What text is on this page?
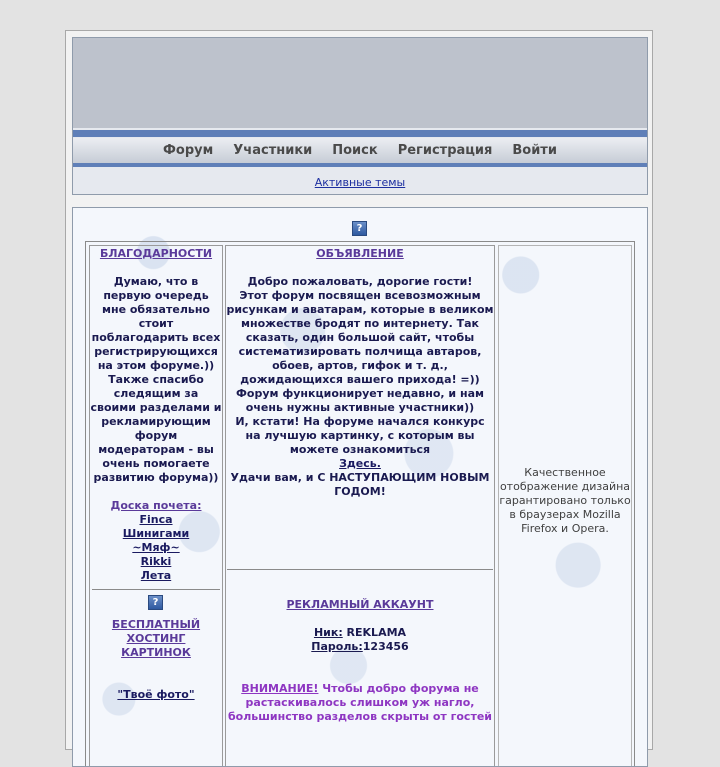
Форум Участники Поиск Регистрация Войти
Активные темы
?
БЛАГОДАРНОСТИ
Думаю, что в
первую очередь
мне обязательно
стоит
поблагодарить всех
регистрирующихся
на этом форуме.))
Также спасибо
следящим за
своими разделами и
рекламирующим
форум
модераторам - вы
очень помогаете
развитию форума))
Доска почета:
Finca
Шинигами
~Мяф~
Rikki
Лета
?
БЕСПЛАТНЫЙ
ХОСТИНГ
КАРТИНОК
"Твоё фото"
ОБЪЯВЛЕНИЕ
Добро пожаловать, дорогие гости!
Этот форум посвящен всевозможным
рисункам и аватарам, которые в великом
множестве бродят по интернету. Так
сказать, один большой сайт, чтобы
систематизировать полчища автаров,
обоев, артов, гифок и т. д.,
дожидающихся вашего прихода! =))
Форум функционирует недавно, и нам
очень нужны активные участники))
И, кстати! На форуме начался конкурс
на лучшую картинку, с которым вы
можете ознакомиться
Здесь.
Удачи вам, и С НАСТУПАЮЩИМ НОВЫМ
ГОДОМ!
РЕКЛАМНЫЙ АККАУНТ
Ник: REKLAMA
Пароль:123456
ВНИМАНИЕ! Чтобы добро форума не
растаскивалось слишком уж нагло,
большинство разделов скрыты от гостей
Качественное
отображение дизайна
гарантировано только
в браузерах Mozilla
Firefox и Opera.
